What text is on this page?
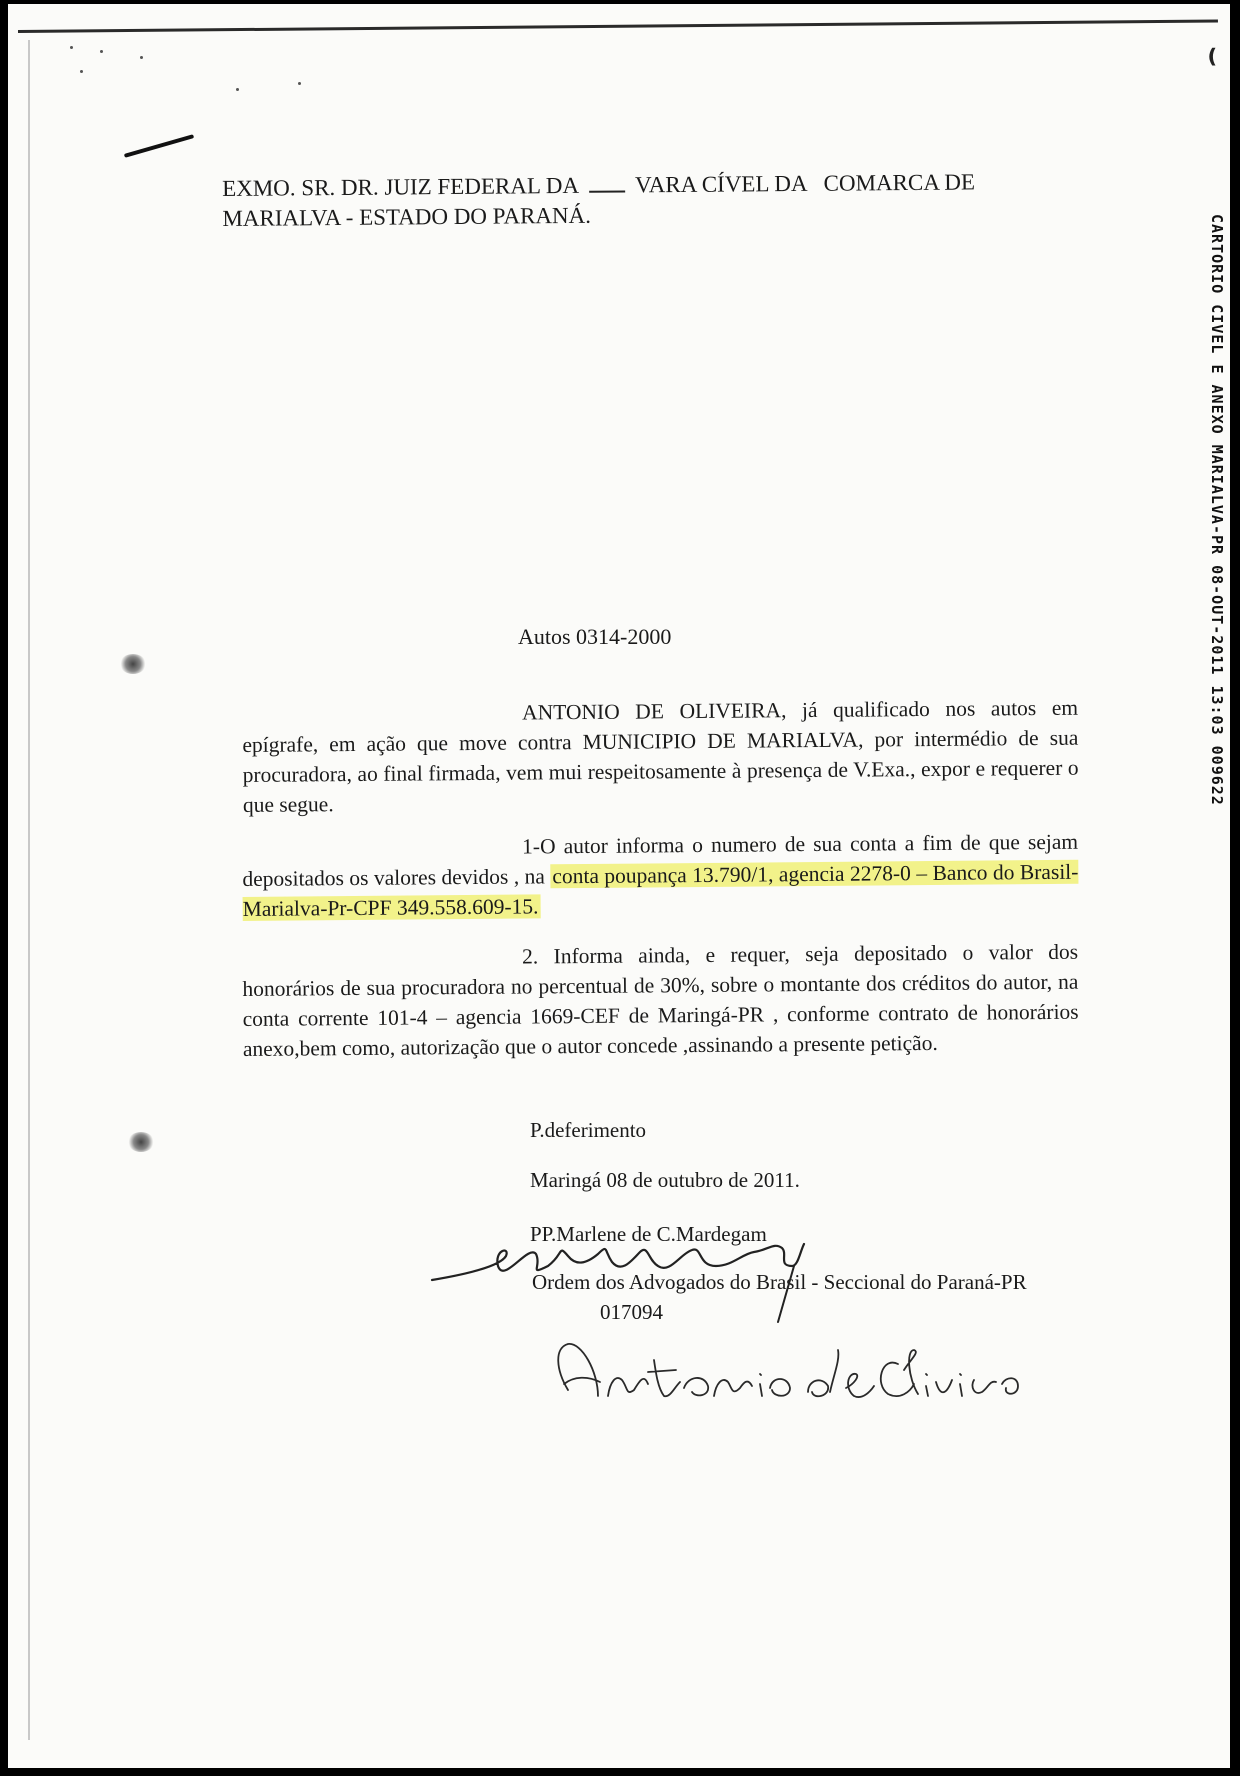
❪
CARTORIO CIVEL E ANEXO MARIALVA-PR 08-OUT-2011 13:03 009622
EXMO. SR. DR. JUIZ FEDERAL DA VARA CÍVEL DA COMARCA DE
MARIALVA - ESTADO DO PARANÁ.
Autos 0314-2000

ANTONIO DE OLIVEIRA, já qualificado nos autos em epígrafe, em ação que move contra MUNICIPIO DE MARIALVA, por intermédio de sua procuradora, ao final firmada, vem mui respeitosamente à presença de V.Exa., expor e requerer o que segue.

1-O autor informa o numero de sua conta a fim de que sejam depositados os valores devidos , na conta poupança 13.790/1, agencia 2278-0 – Banco do Brasil-Marialva-Pr-CPF 349.558.609-15.

2. Informa ainda, e requer, seja depositado o valor dos honorários de sua procuradora no percentual de 30%, sobre o montante dos créditos do autor, na conta corrente 101-4 – agencia 1669-CEF de Maringá-PR , conforme contrato de honorários anexo,bem como, autorização que o autor concede ,assinando a presente petição.

P.deferimento
Maringá 08 de outubro de 2011.
PP.Marlene de C.Mardegam
Ordem dos Advogados do Brasil - Seccional do Paraná-PR
017094
